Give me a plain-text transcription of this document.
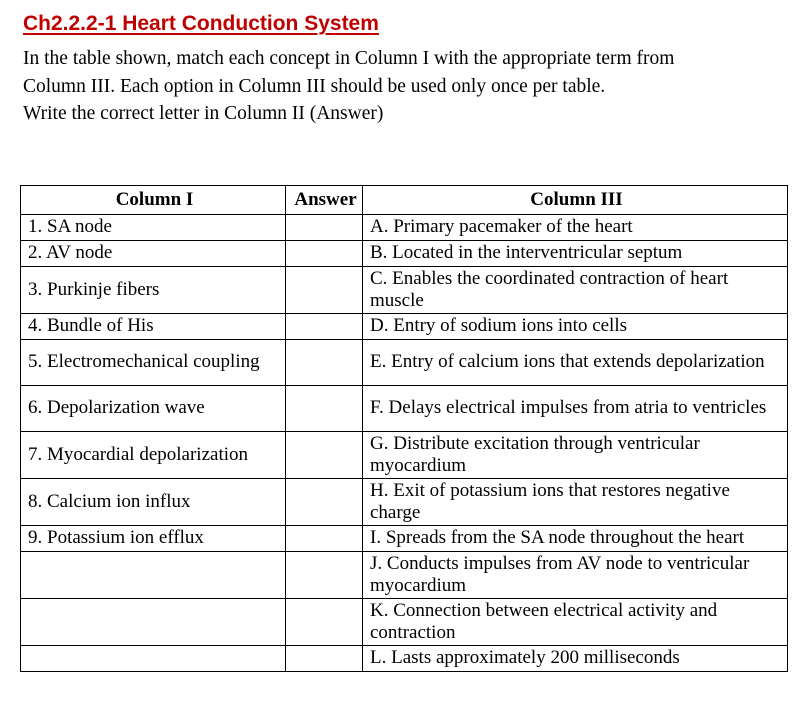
Ch2.2.2-1 Heart Conduction System
In the table shown, match each concept in Column I with the appropriate term from
Column III. Each option in Column III should be used only once per table.
Write the correct letter in Column II (Answer)
Column I	Answer	Column III
1. SA node		A. Primary pacemaker of the heart
2. AV node		B. Located in the interventricular septum
3. Purkinje fibers		C. Enables the coordinated contraction of heart muscle
4. Bundle of His		D. Entry of sodium ions into cells
5. Electromechanical coupling		E. Entry of calcium ions that extends depolarization
6. Depolarization wave		F. Delays electrical impulses from atria to ventricles
7. Myocardial depolarization		G. Distribute excitation through ventricular myocardium
8. Calcium ion influx		H. Exit of potassium ions that restores negative charge
9. Potassium ion efflux		I. Spreads from the SA node throughout the heart
		J. Conducts impulses from AV node to ventricular myocardium
		K. Connection between electrical activity and contraction
		L. Lasts approximately 200 milliseconds
